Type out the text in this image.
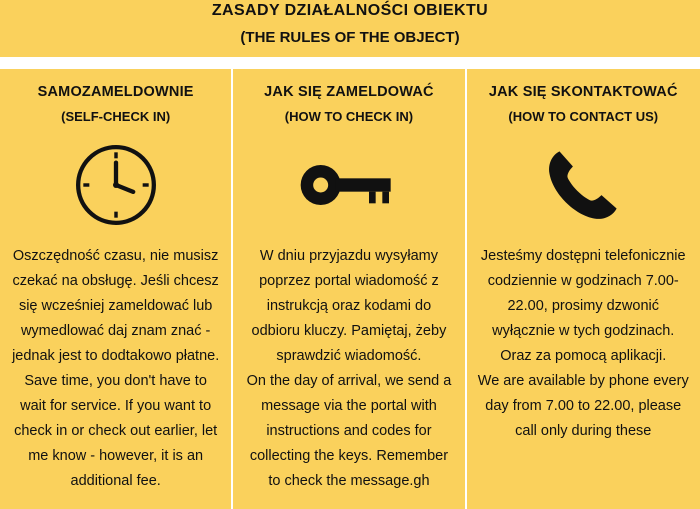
ZASADY DZIAŁALNOŚCI OBIEKTU
(THE RULES OF THE OBJECT)
SAMOZAMELDOWNIE
(SELF-CHECK IN)
Oszczędność czasu, nie musisz czekać na obsługę. Jeśli chcesz się wcześniej zameldować lub wymedlować daj znam znać - jednak jest to dodtakowo płatne.
Save time, you don't have to wait for service. If you want to check in or check out earlier, let me know - however, it is an additional fee.
JAK SIĘ ZAMELDOWAĆ
(HOW TO CHECK IN)
W dniu przyjazdu wysyłamy poprzez portal wiadomość z instrukcją oraz kodami do odbioru kluczy. Pamiętaj, żeby sprawdzić wiadomość.
On the day of arrival, we send a message via the portal with instructions and codes for collecting the keys. Remember to check the message.gh
JAK SIĘ SKONTAKTOWAĆ
(HOW TO CONTACT US)
Jesteśmy dostępni telefonicznie codziennie w godzinach 7.00-22.00, prosimy dzwonić wyłącznie w tych godzinach. Oraz za pomocą aplikacji.
We are available by phone every day from 7.00 to 22.00, please call only during these
